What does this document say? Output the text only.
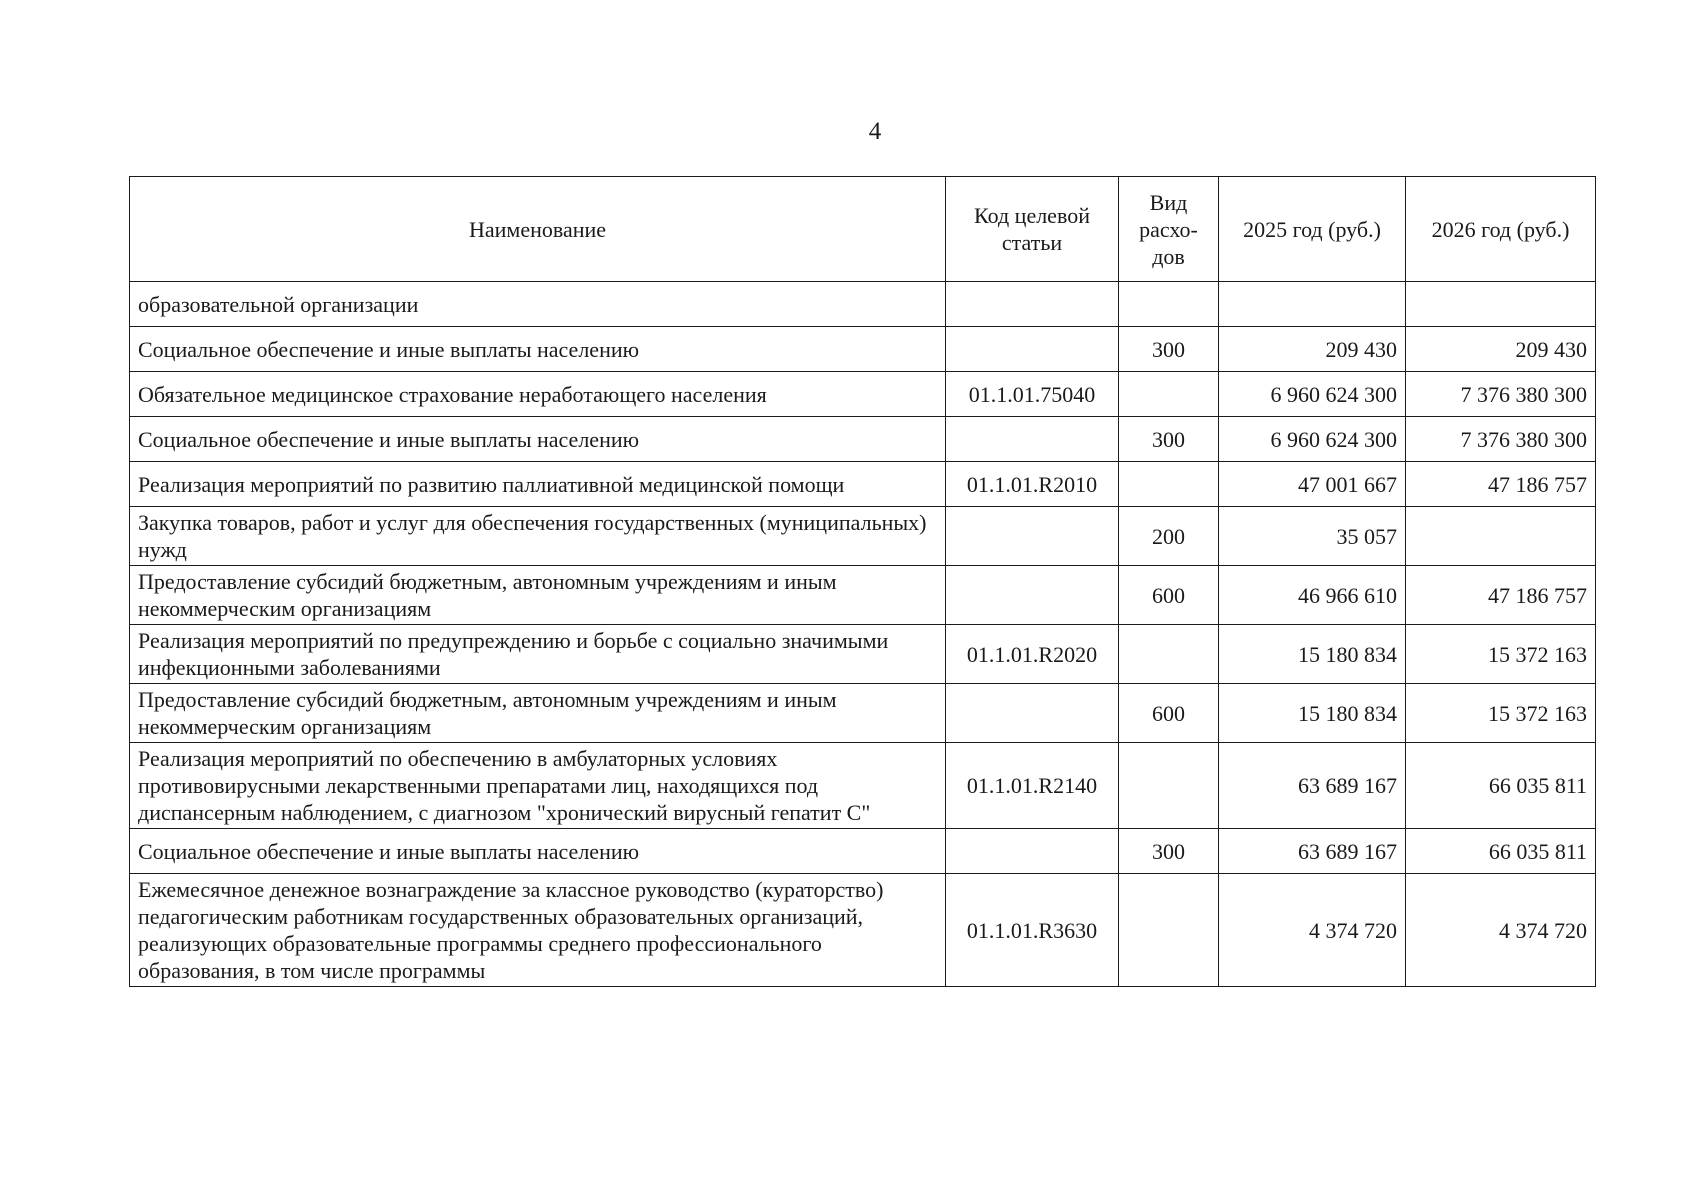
4
Наименование	Код целевой статьи	Вид расхо-дов	2025 год (руб.)	2026 год (руб.)
образовательной организации				
Социальное обеспечение и иные выплаты населению		300	209 430	209 430
Обязательное медицинское страхование неработающего населения	01.1.01.75040		6 960 624 300	7 376 380 300
Социальное обеспечение и иные выплаты населению		300	6 960 624 300	7 376 380 300
Реализация мероприятий по развитию паллиативной медицинской помощи	01.1.01.R2010		47 001 667	47 186 757
Закупка товаров, работ и услуг для обеспечения государственных (муниципальных) нужд		200	35 057	
Предоставление субсидий бюджетным, автономным учреждениям и иным некоммерческим организациям		600	46 966 610	47 186 757
Реализация мероприятий по предупреждению и борьбе с социально значимыми инфекционными заболеваниями	01.1.01.R2020		15 180 834	15 372 163
Предоставление субсидий бюджетным, автономным учреждениям и иным некоммерческим организациям		600	15 180 834	15 372 163
Реализация мероприятий по обеспечению в амбулаторных условиях противовирусными лекарственными препаратами лиц, находящихся под диспансерным наблюдением, с диагнозом "хронический вирусный гепатит С"	01.1.01.R2140		63 689 167	66 035 811
Социальное обеспечение и иные выплаты населению		300	63 689 167	66 035 811
Ежемесячное денежное вознаграждение за классное руководство (кураторство) педагогическим работникам государственных образовательных организаций, реализующих образовательные программы среднего профессионального образования, в том числе программы	01.1.01.R3630		4 374 720	4 374 720
